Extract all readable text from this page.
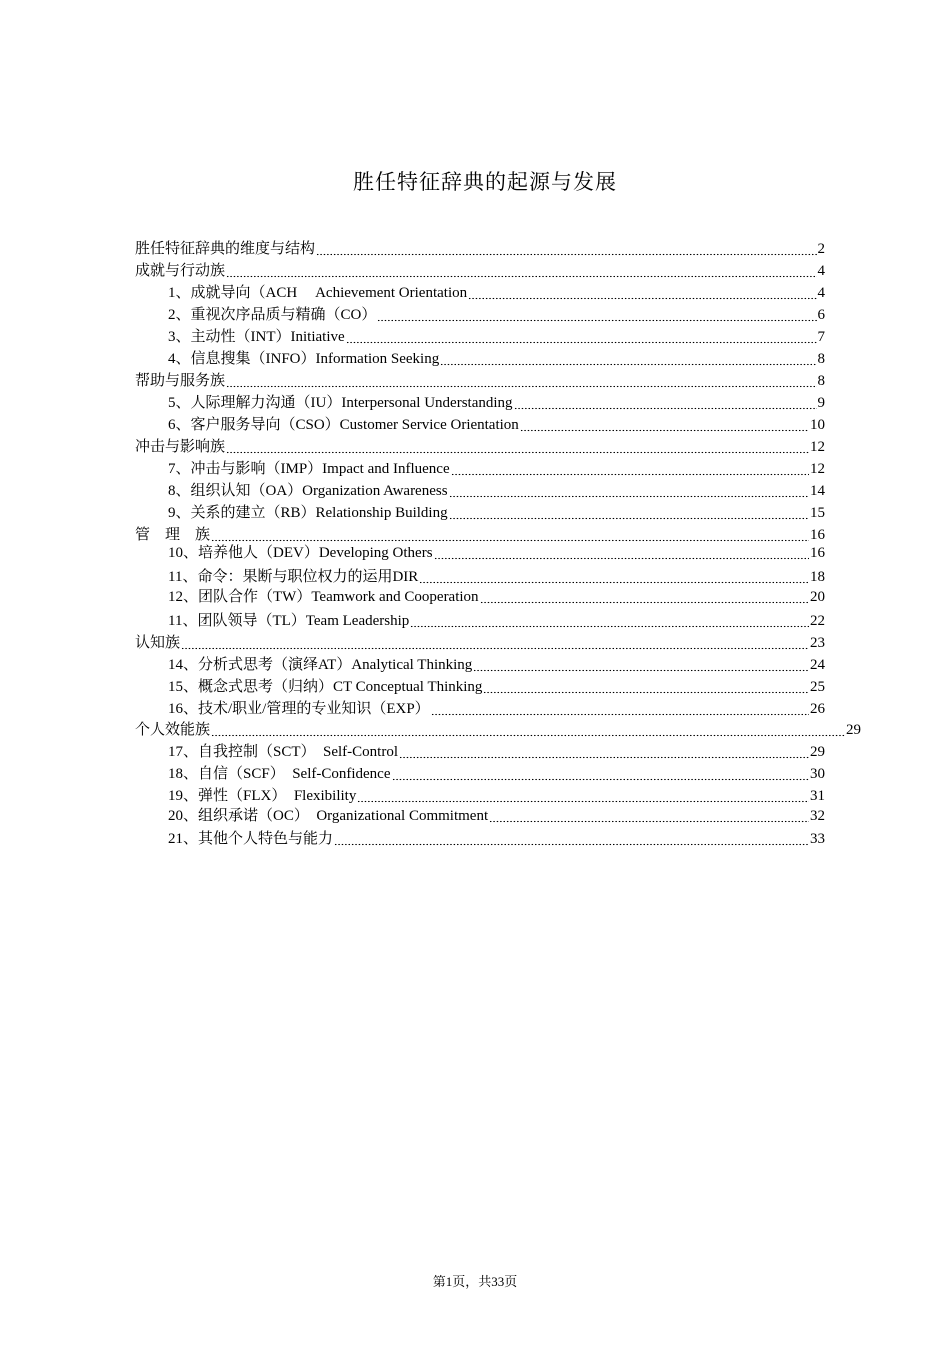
胜任特征辞典的起源与发展
胜任特征辞典的维度与结构	2
成就与行动族	4
1、成就导向（ACH　 Achievement Orientation	4
2、重视次序品质与精确（CO）	6
3、主动性（INT）Initiative	7
4、信息搜集（INFO）Information Seeking	8
帮助与服务族	8
5、人际理解力沟通（IU）Interpersonal Understanding	9
6、客户服务导向（CSO）Customer Service Orientation	10
冲击与影响族	12
7、冲击与影响（IMP）Impact and Influence	12
8、组织认知（OA）Organization Awareness	14
9、关系的建立（RB）Relationship Building	15
管　理　族	16
10、培养他人（DEV）Developing Others	16
11、命令：果断与职位权力的运用DIR	18
12、团队合作（TW）Teamwork and Cooperation	20
11、团队领导（TL）Team Leadership	22
认知族	23
14、分析式思考（演绎AT）Analytical Thinking	24
15、概念式思考（归纳）CT Conceptual Thinking	25
16、技术/职业/管理的专业知识（EXP）	26
个人效能族	29
17、自我控制（SCT）　Self-Control	29
18、自信（SCF）　Self-Confidence	30
19、弹性（FLX）　Flexibility	31
20、组织承诺（OC）　Organizational Commitment	32
21、其他个人特色与能力	33
第1页，共33页
